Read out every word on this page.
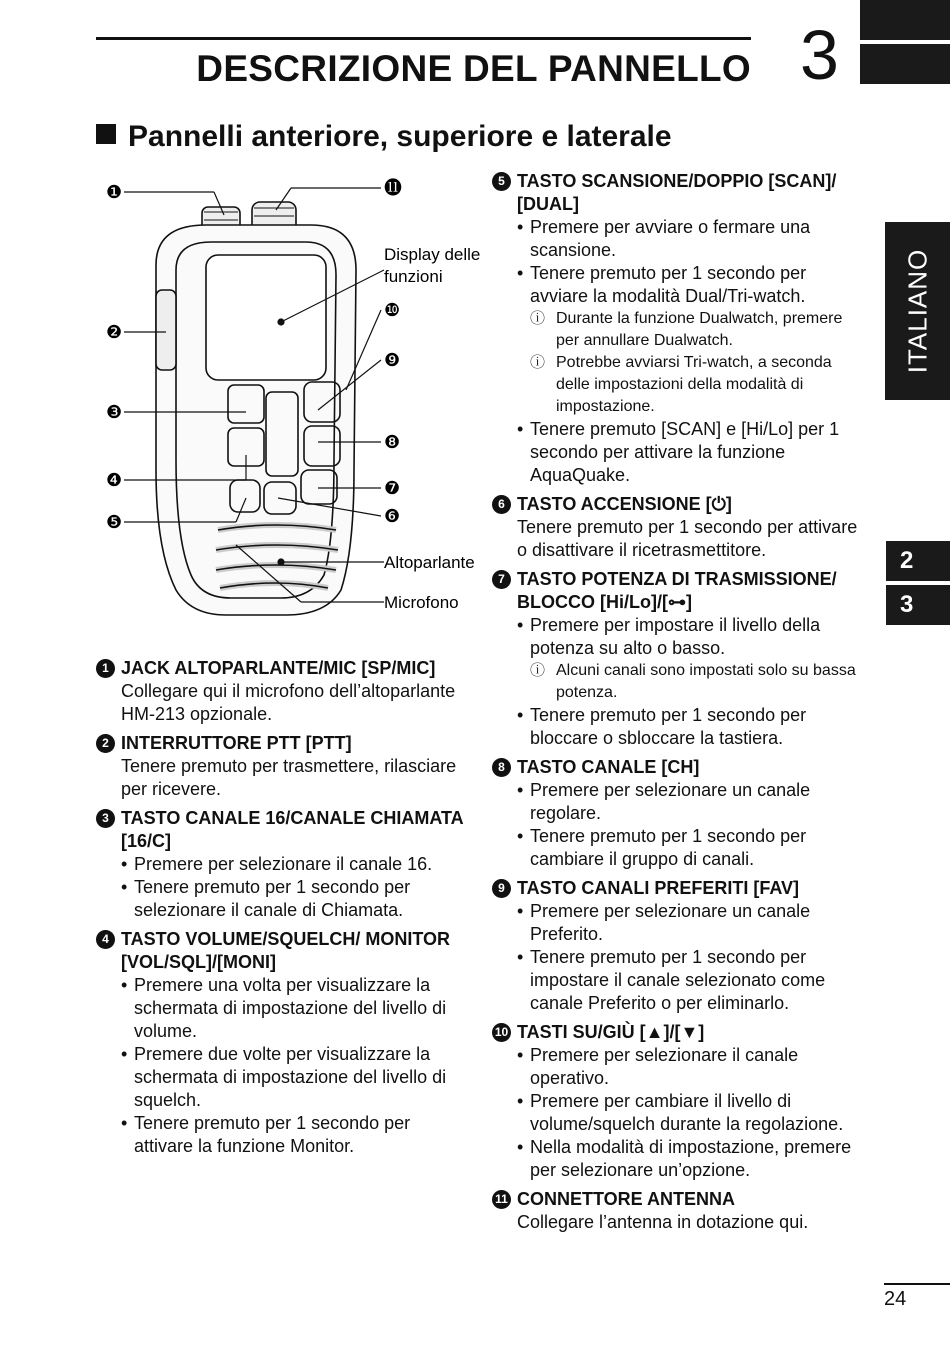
DESCRIZIONE DEL PANNELLO 3
ITALIANO
2
3
Pannelli anteriore, superiore e laterale
❶
❷
❸
❹
❺	❻
❼
❽
❾
❿
⓫
Display delle
funzioni
Altoparlante
Microfono
1 JACK ALTOPARLANTE/MIC [SP/MIC]
Collegare qui il microfono dell’altoparlante HM-213 opzionale.
2 INTERRUTTORE PTT [PTT]
Tenere premuto per trasmettere, rilasciare per ricevere.
3 TASTO CANALE 16/CANALE CHIAMATA [16/C]
• Premere per selezionare il canale 16.
• Tenere premuto per 1 secondo per selezionare il canale di Chiamata.
4 TASTO VOLUME/SQUELCH/ MONITOR [VOL/SQL]/[MONI]
• Premere una volta per visualizzare la schermata di impostazione del livello di volume.
• Premere due volte per visualizzare la schermata di impostazione del livello di squelch.
• Tenere premuto per 1 secondo per attivare la funzione Monitor.
5 TASTO SCANSIONE/DOPPIO [SCAN]/ [DUAL]
• Premere per avviare o fermare una scansione.
• Tenere premuto per 1 secondo per avviare la modalità Dual/Tri-watch.
ⓘ Durante la funzione Dualwatch, premere per annullare Dualwatch.
ⓘ Potrebbe avviarsi Tri-watch, a seconda delle impostazioni della modalità di impostazione.
• Tenere premuto [SCAN] e [Hi/Lo] per 1 secondo per attivare la funzione AquaQuake.
6 TASTO ACCENSIONE [⏻]
Tenere premuto per 1 secondo per attivare o disattivare il ricetrasmettitore.
7 TASTO POTENZA DI TRASMISSIONE/ BLOCCO [Hi/Lo]/[⊶]
• Premere per impostare il livello della potenza su alto o basso.
ⓘ Alcuni canali sono impostati solo su bassa potenza.
• Tenere premuto per 1 secondo per bloccare o sbloccare la tastiera.
8 TASTO CANALE [CH]
• Premere per selezionare un canale regolare.
• Tenere premuto per 1 secondo per cambiare il gruppo di canali.
9 TASTO CANALI PREFERITI [FAV]
• Premere per selezionare un canale Preferito.
• Tenere premuto per 1 secondo per impostare il canale selezionato come canale Preferito o per eliminarlo.
10 TASTI SU/GIÙ [▲]/[▼]
• Premere per selezionare il canale operativo.
• Premere per cambiare il livello di volume/squelch durante la regolazione.
• Nella modalità di impostazione, premere per selezionare un’opzione.
11 CONNETTORE ANTENNA
Collegare l’antenna in dotazione qui.
24
